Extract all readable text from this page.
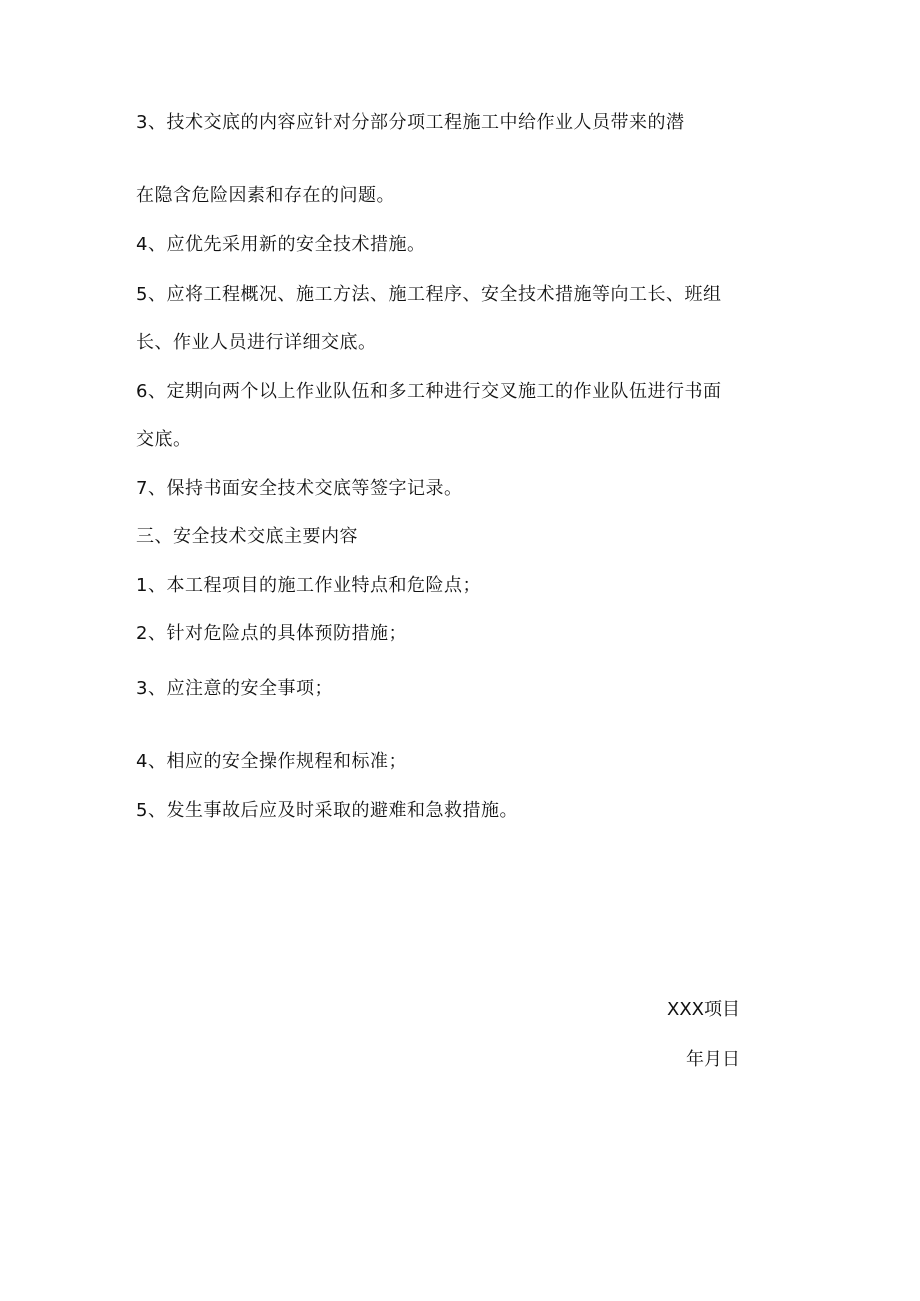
3、技术交底的内容应针对分部分项工程施工中给作业人员带来的潜
在隐含危险因素和存在的问题。
4、应优先采用新的安全技术措施。
5、应将工程概况、施工方法、施工程序、安全技术措施等向工长、班组
长、作业人员进行详细交底。
6、定期向两个以上作业队伍和多工种进行交叉施工的作业队伍进行书面
交底。
7、保持书面安全技术交底等签字记录。
三、安全技术交底主要内容
1、本工程项目的施工作业特点和危险点；
2、针对危险点的具体预防措施；
3、应注意的安全事项；
4、相应的安全操作规程和标准；
5、发生事故后应及时采取的避难和急救措施。
XXX项目
年月日
